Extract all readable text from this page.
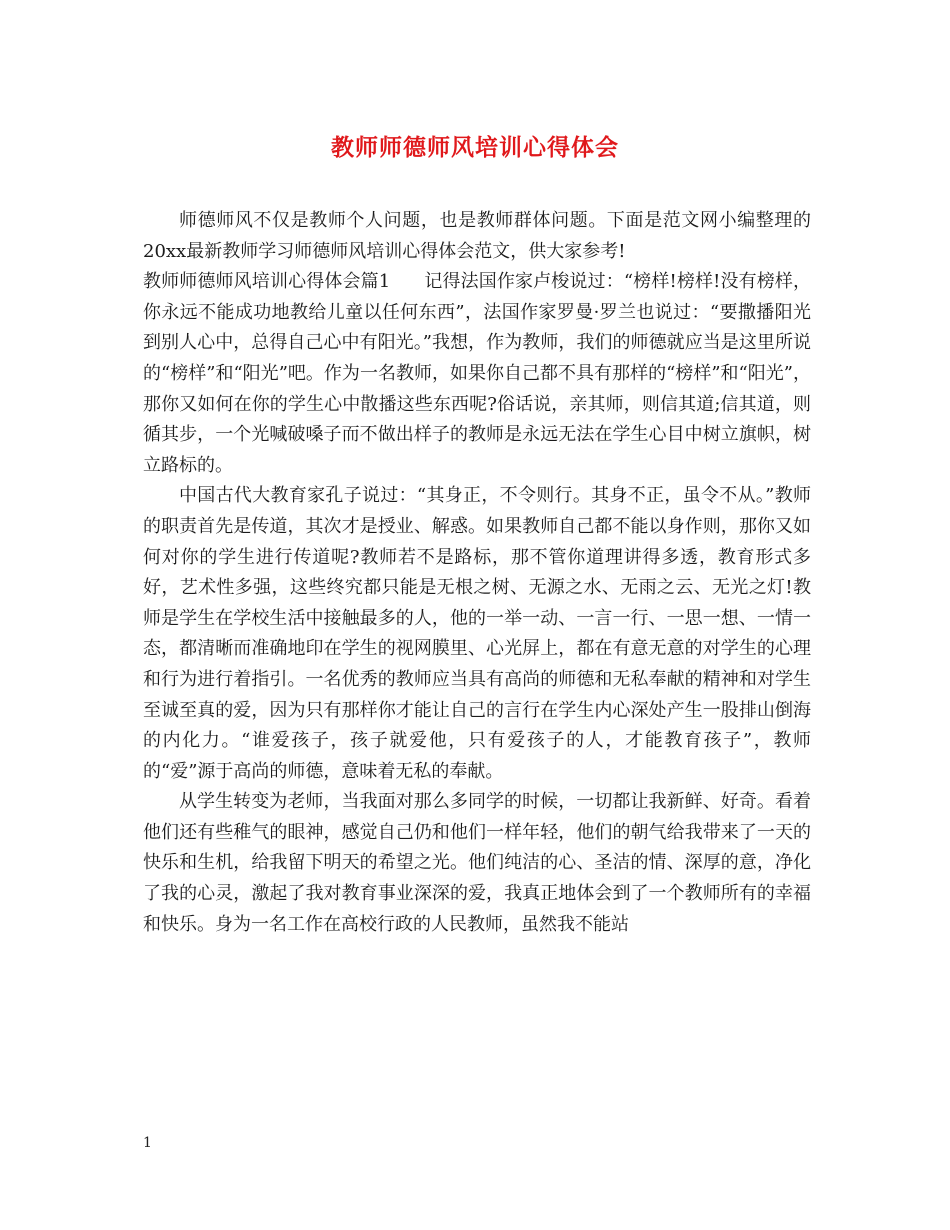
教师师德师风培训心得体会

师德师风不仅是教师个人问题，也是教师群体问题。下面是范文网小编整理的20xx最新教师学习师德师风培训心得体会范文，供大家参考!

教师师德师风培训心得体会篇1 记得法国作家卢梭说过：“榜样!榜样!没有榜样，你永远不能成功地教给儿童以任何东西”，法国作家罗曼·罗兰也说过：“要撒播阳光到别人心中，总得自己心中有阳光。”我想，作为教师，我们的师德就应当是这里所说的“榜样”和“阳光”吧。作为一名教师，如果你自己都不具有那样的“榜样”和“阳光”，那你又如何在你的学生心中散播这些东西呢?俗话说，亲其师，则信其道;信其道，则循其步，一个光喊破嗓子而不做出样子的教师是永远无法在学生心目中树立旗帜，树立路标的。

中国古代大教育家孔子说过：“其身正，不令则行。其身不正，虽令不从。”教师的职责首先是传道，其次才是授业、解惑。如果教师自己都不能以身作则，那你又如何对你的学生进行传道呢?教师若不是路标，那不管你道理讲得多透，教育形式多好，艺术性多强，这些终究都只能是无根之树、无源之水、无雨之云、无光之灯!教师是学生在学校生活中接触最多的人，他的一举一动、一言一行、一思一想、一情一态，都清晰而准确地印在学生的视网膜里、心光屏上，都在有意无意的对学生的心理和行为进行着指引。一名优秀的教师应当具有高尚的师德和无私奉献的精神和对学生至诚至真的爱，因为只有那样你才能让自己的言行在学生内心深处产生一股排山倒海的内化力。“谁爱孩子，孩子就爱他，只有爱孩子的人，才能教育孩子”，教师的“爱”源于高尚的师德，意味着无私的奉献。

从学生转变为老师，当我面对那么多同学的时候，一切都让我新鲜、好奇。看着他们还有些稚气的眼神，感觉自己仍和他们一样年轻，他们的朝气给我带来了一天的快乐和生机，给我留下明天的希望之光。他们纯洁的心、圣洁的情、深厚的意，净化了我的心灵，激起了我对教育事业深深的爱，我真正地体会到了一个教师所有的幸福和快乐。身为一名工作在高校行政的人民教师，虽然我不能站

1
